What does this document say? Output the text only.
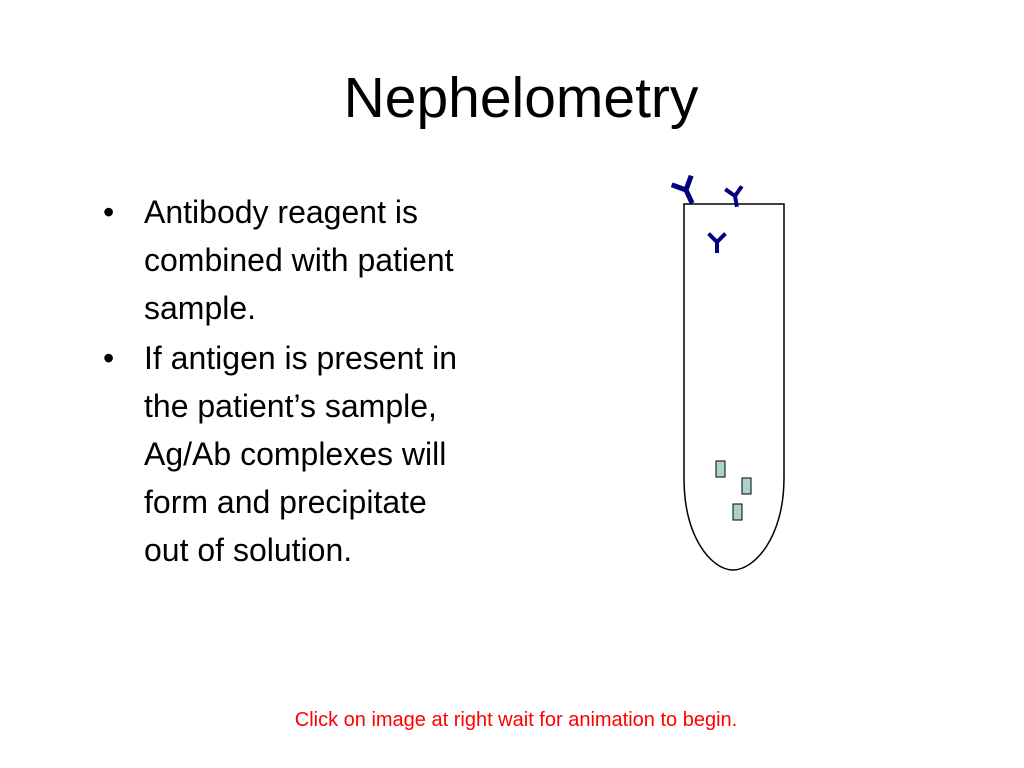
Nephelometry
• Antibody reagent is
combined with patient
sample.
• If antigen is present in
the patient’s sample,
Ag/Ab complexes will
form and precipitate
out of solution.
Click on image at right wait for animation to begin.
